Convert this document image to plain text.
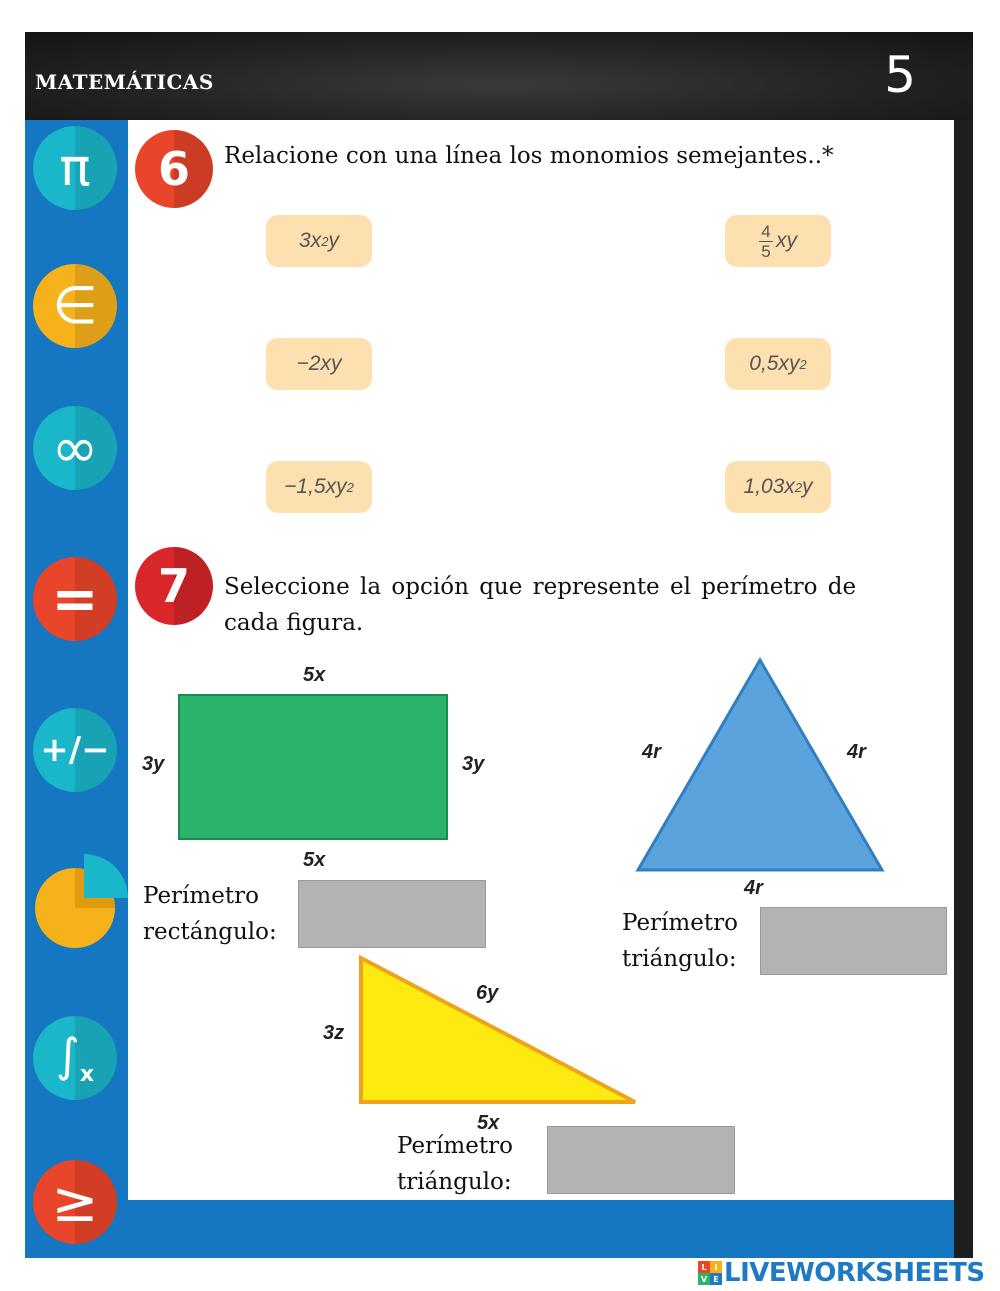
MATEMÁTICAS	5
π
∈
∞
=
+∕−
$\int_x$
≥
6 Relacione con una línea los monomios semejantes..*
3x 2 y
−2xy
−1,5xy 2
$\frac{4}{5}$ xy
0,5xy 2
1,03x 2 y
7 Seleccione la opción que represente el perímetro de
cada figura.
5x
5x
3y	3y
Perímetro
rectángulo:
4r	4r
4r
Perímetro
triángulo:
3z
6y
5x
Perímetro
triángulo:
L I
V E LIVEWORKSHEETS
